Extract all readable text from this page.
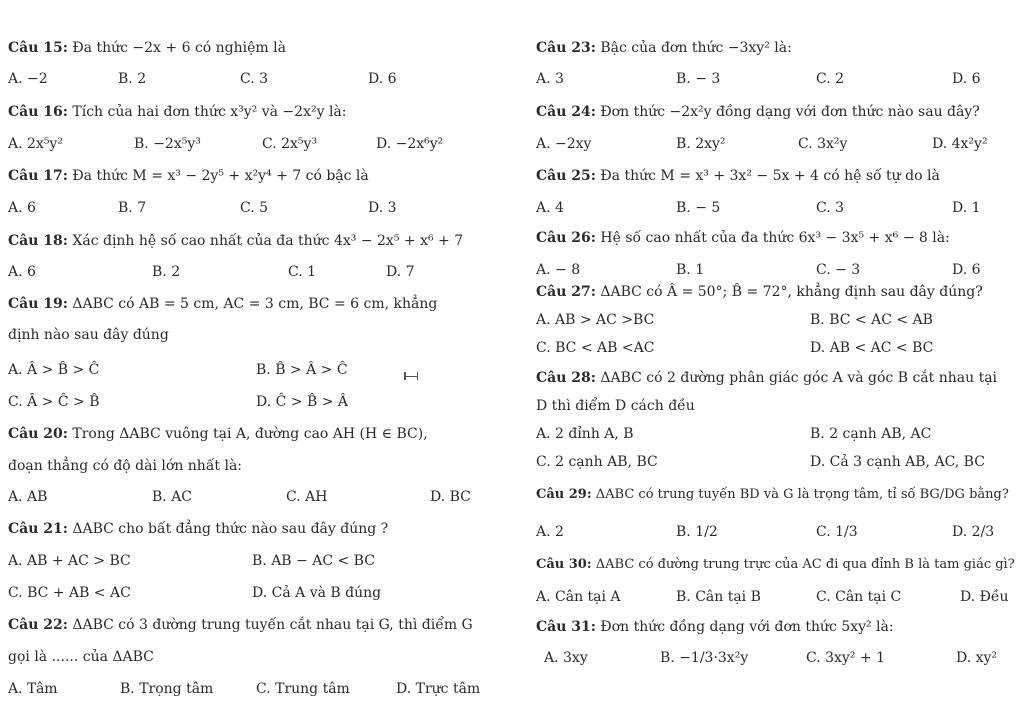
Câu 15: Đa thức −2x + 6 có nghiệm là
A. −2	B. 2	C. 3	D. 6
Câu 16: Tích của hai đơn thức x³y² và −2x²y là:
A. 2x⁵y²	B. −2x⁵y³	C. 2x⁵y³	D. −2x⁶y²
Câu 17: Đa thức M = x³ − 2y⁵ + x²y⁴ + 7 có bậc là
A. 6	B. 7	C. 5	D. 3
Câu 18: Xác định hệ số cao nhất của đa thức 4x³ − 2x⁵ + x⁶ + 7
A. 6	B. 2	C. 1	D. 7
Câu 19: ΔABC có AB = 5 cm, AC = 3 cm, BC = 6 cm, khẳng
định nào sau đây đúng
A. Â > B̂ > Ĉ	B. B̂ > Â > Ĉ
C. Â > Ĉ > B̂	D. Ĉ > B̂ > Â
Câu 20: Trong ΔABC vuông tại A, đường cao AH (H ∈ BC),
đoạn thẳng có độ dài lớn nhất là:
A. AB	B. AC	C. AH	D. BC
Câu 21: ΔABC cho bất đẳng thức nào sau đây đúng ?
A. AB + AC > BC	B. AB − AC < BC
C. BC + AB < AC	D. Cả A và B đúng
Câu 22: ΔABC có 3 đường trung tuyến cắt nhau tại G, thì điểm G
gọi là ...... của ΔABC
A. Tâm	B. Trọng tâm	C. Trung tâm	D. Trực tâm
Câu 23: Bậc của đơn thức −3xy² là:
A. 3	B. − 3	C. 2	D. 6
Câu 24: Đơn thức −2x²y đồng dạng với đơn thức nào sau đây?
A. −2xy	B. 2xy²	C. 3x²y	D. 4x²y²
Câu 25: Đa thức M = x³ + 3x² − 5x + 4 có hệ số tự do là
A. 4	B. − 5	C. 3	D. 1
Câu 26: Hệ số cao nhất của đa thức 6x³ − 3x⁵ + x⁶ − 8 là:
A. − 8	B. 1	C. − 3	D. 6
Câu 27: ΔABC có Â = 50°; B̂ = 72°, khẳng định sau đây đúng?
A. AB > AC >BC	B. BC < AC < AB
C. BC < AB <AC	D. AB < AC < BC
Câu 28: ΔABC có 2 đường phân giác góc A và góc B cắt nhau tại
D thì điểm D cách đều
A. 2 đỉnh A, B	B. 2 cạnh AB, AC
C. 2 cạnh AB, BC	D. Cả 3 cạnh AB, AC, BC
Câu 29: ΔABC có trung tuyến BD và G là trọng tâm, tỉ số BG/DG bằng?
A. 2	B. 1/2	C. 1/3	D. 2/3
Câu 30: ΔABC có đường trung trực của AC đi qua đỉnh B là tam giác gì?
A. Cân tại A	B. Cân tại B	C. Cân tại C	D. Đều
Câu 31: Đơn thức đồng dạng với đơn thức 5xy² là:
A. 3xy	B. −1/3·3x²y	C. 3xy² + 1	D. xy²
